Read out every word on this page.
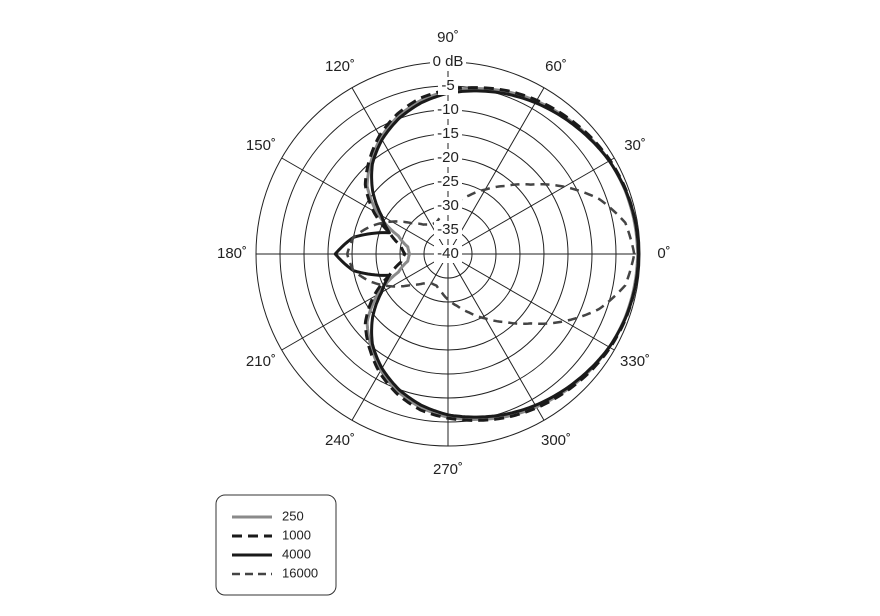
0 dB
-5
-10
-15
-20
-25
-30
-35
-40	0˚
30˚
60˚
90˚
120˚
150˚
180˚
210˚
240˚
270˚
300˚
330˚
250
1000
4000
16000
